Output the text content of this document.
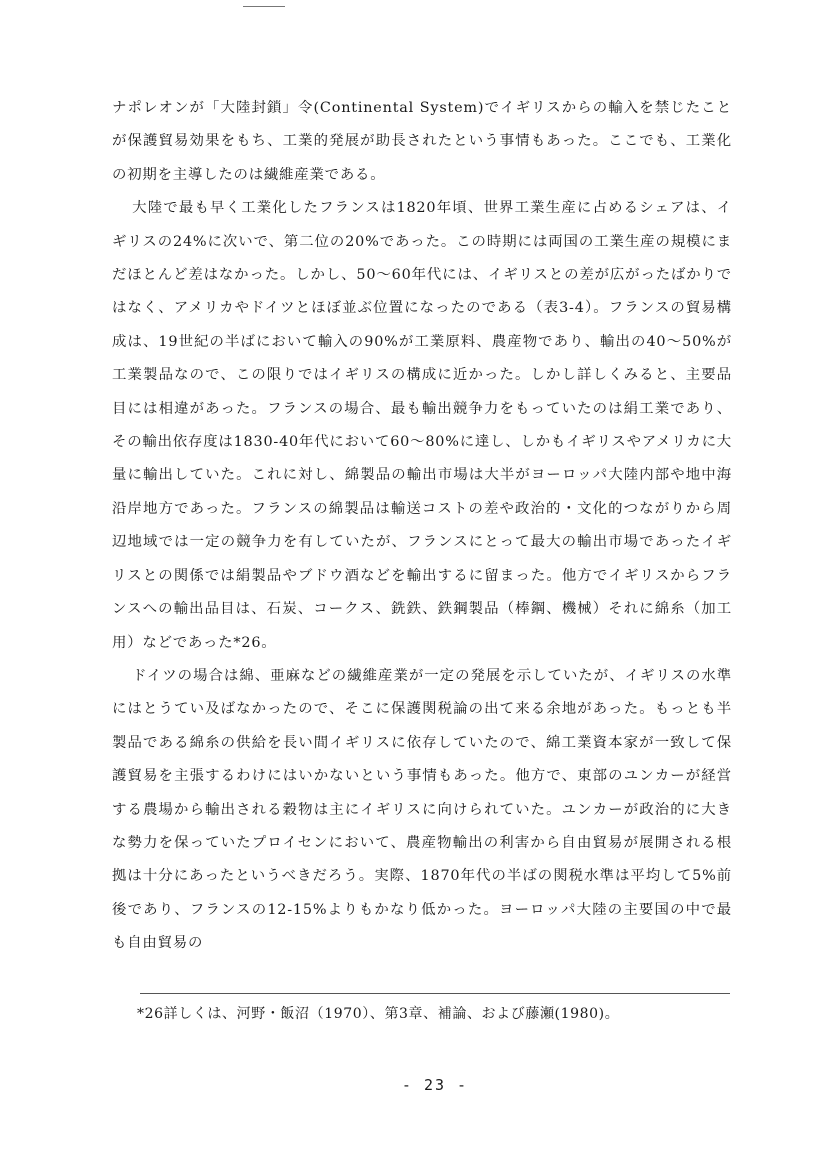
ナポレオンが「大陸封鎖」令(Continental System)でイギリスからの輸入を禁じたことが保護貿易効果をもち、工業的発展が助長されたという事情もあった。ここでも、工業化の初期を主導したのは繊維産業である。

大陸で最も早く工業化したフランスは1820年頃、世界工業生産に占めるシェアは、イギリスの24%に次いで、第二位の20%であった。この時期には両国の工業生産の規模にまだほとんど差はなかった。しかし、50～60年代には、イギリスとの差が広がったばかりではなく、アメリカやドイツとほぼ並ぶ位置になったのである（表3-4）。フランスの貿易構成は、19世紀の半ばにおいて輸入の90%が工業原料、農産物であり、輸出の40～50%が工業製品なので、この限りではイギリスの構成に近かった。しかし詳しくみると、主要品目には相違があった。フランスの場合、最も輸出競争力をもっていたのは絹工業であり、その輸出依存度は1830-40年代において60～80%に達し、しかもイギリスやアメリカに大量に輸出していた。これに対し、綿製品の輸出市場は大半がヨーロッパ大陸内部や地中海沿岸地方であった。フランスの綿製品は輸送コストの差や政治的・文化的つながりから周辺地域では一定の競争力を有していたが、フランスにとって最大の輸出市場であったイギリスとの関係では絹製品やブドウ酒などを輸出するに留まった。他方でイギリスからフランスへの輸出品目は、石炭、コークス、銑鉄、鉄鋼製品（棒鋼、機械）それに綿糸（加工用）などであった*26。

ドイツの場合は綿、亜麻などの繊維産業が一定の発展を示していたが、イギリスの水準にはとうてい及ばなかったので、そこに保護関税論の出て来る余地があった。もっとも半製品である綿糸の供給を長い間イギリスに依存していたので、綿工業資本家が一致して保護貿易を主張するわけにはいかないという事情もあった。他方で、東部のユンカーが経営する農場から輸出される穀物は主にイギリスに向けられていた。ユンカーが政治的に大きな勢力を保っていたプロイセンにおいて、農産物輸出の利害から自由貿易が展開される根拠は十分にあったというべきだろう。実際、1870年代の半ばの関税水準は平均して5%前後であり、フランスの12-15%よりもかなり低かった。ヨーロッパ大陸の主要国の中で最も自由貿易の

*26詳しくは、河野・飯沼（1970）、第3章、補論、および藤瀬(1980)。
- 23 -
